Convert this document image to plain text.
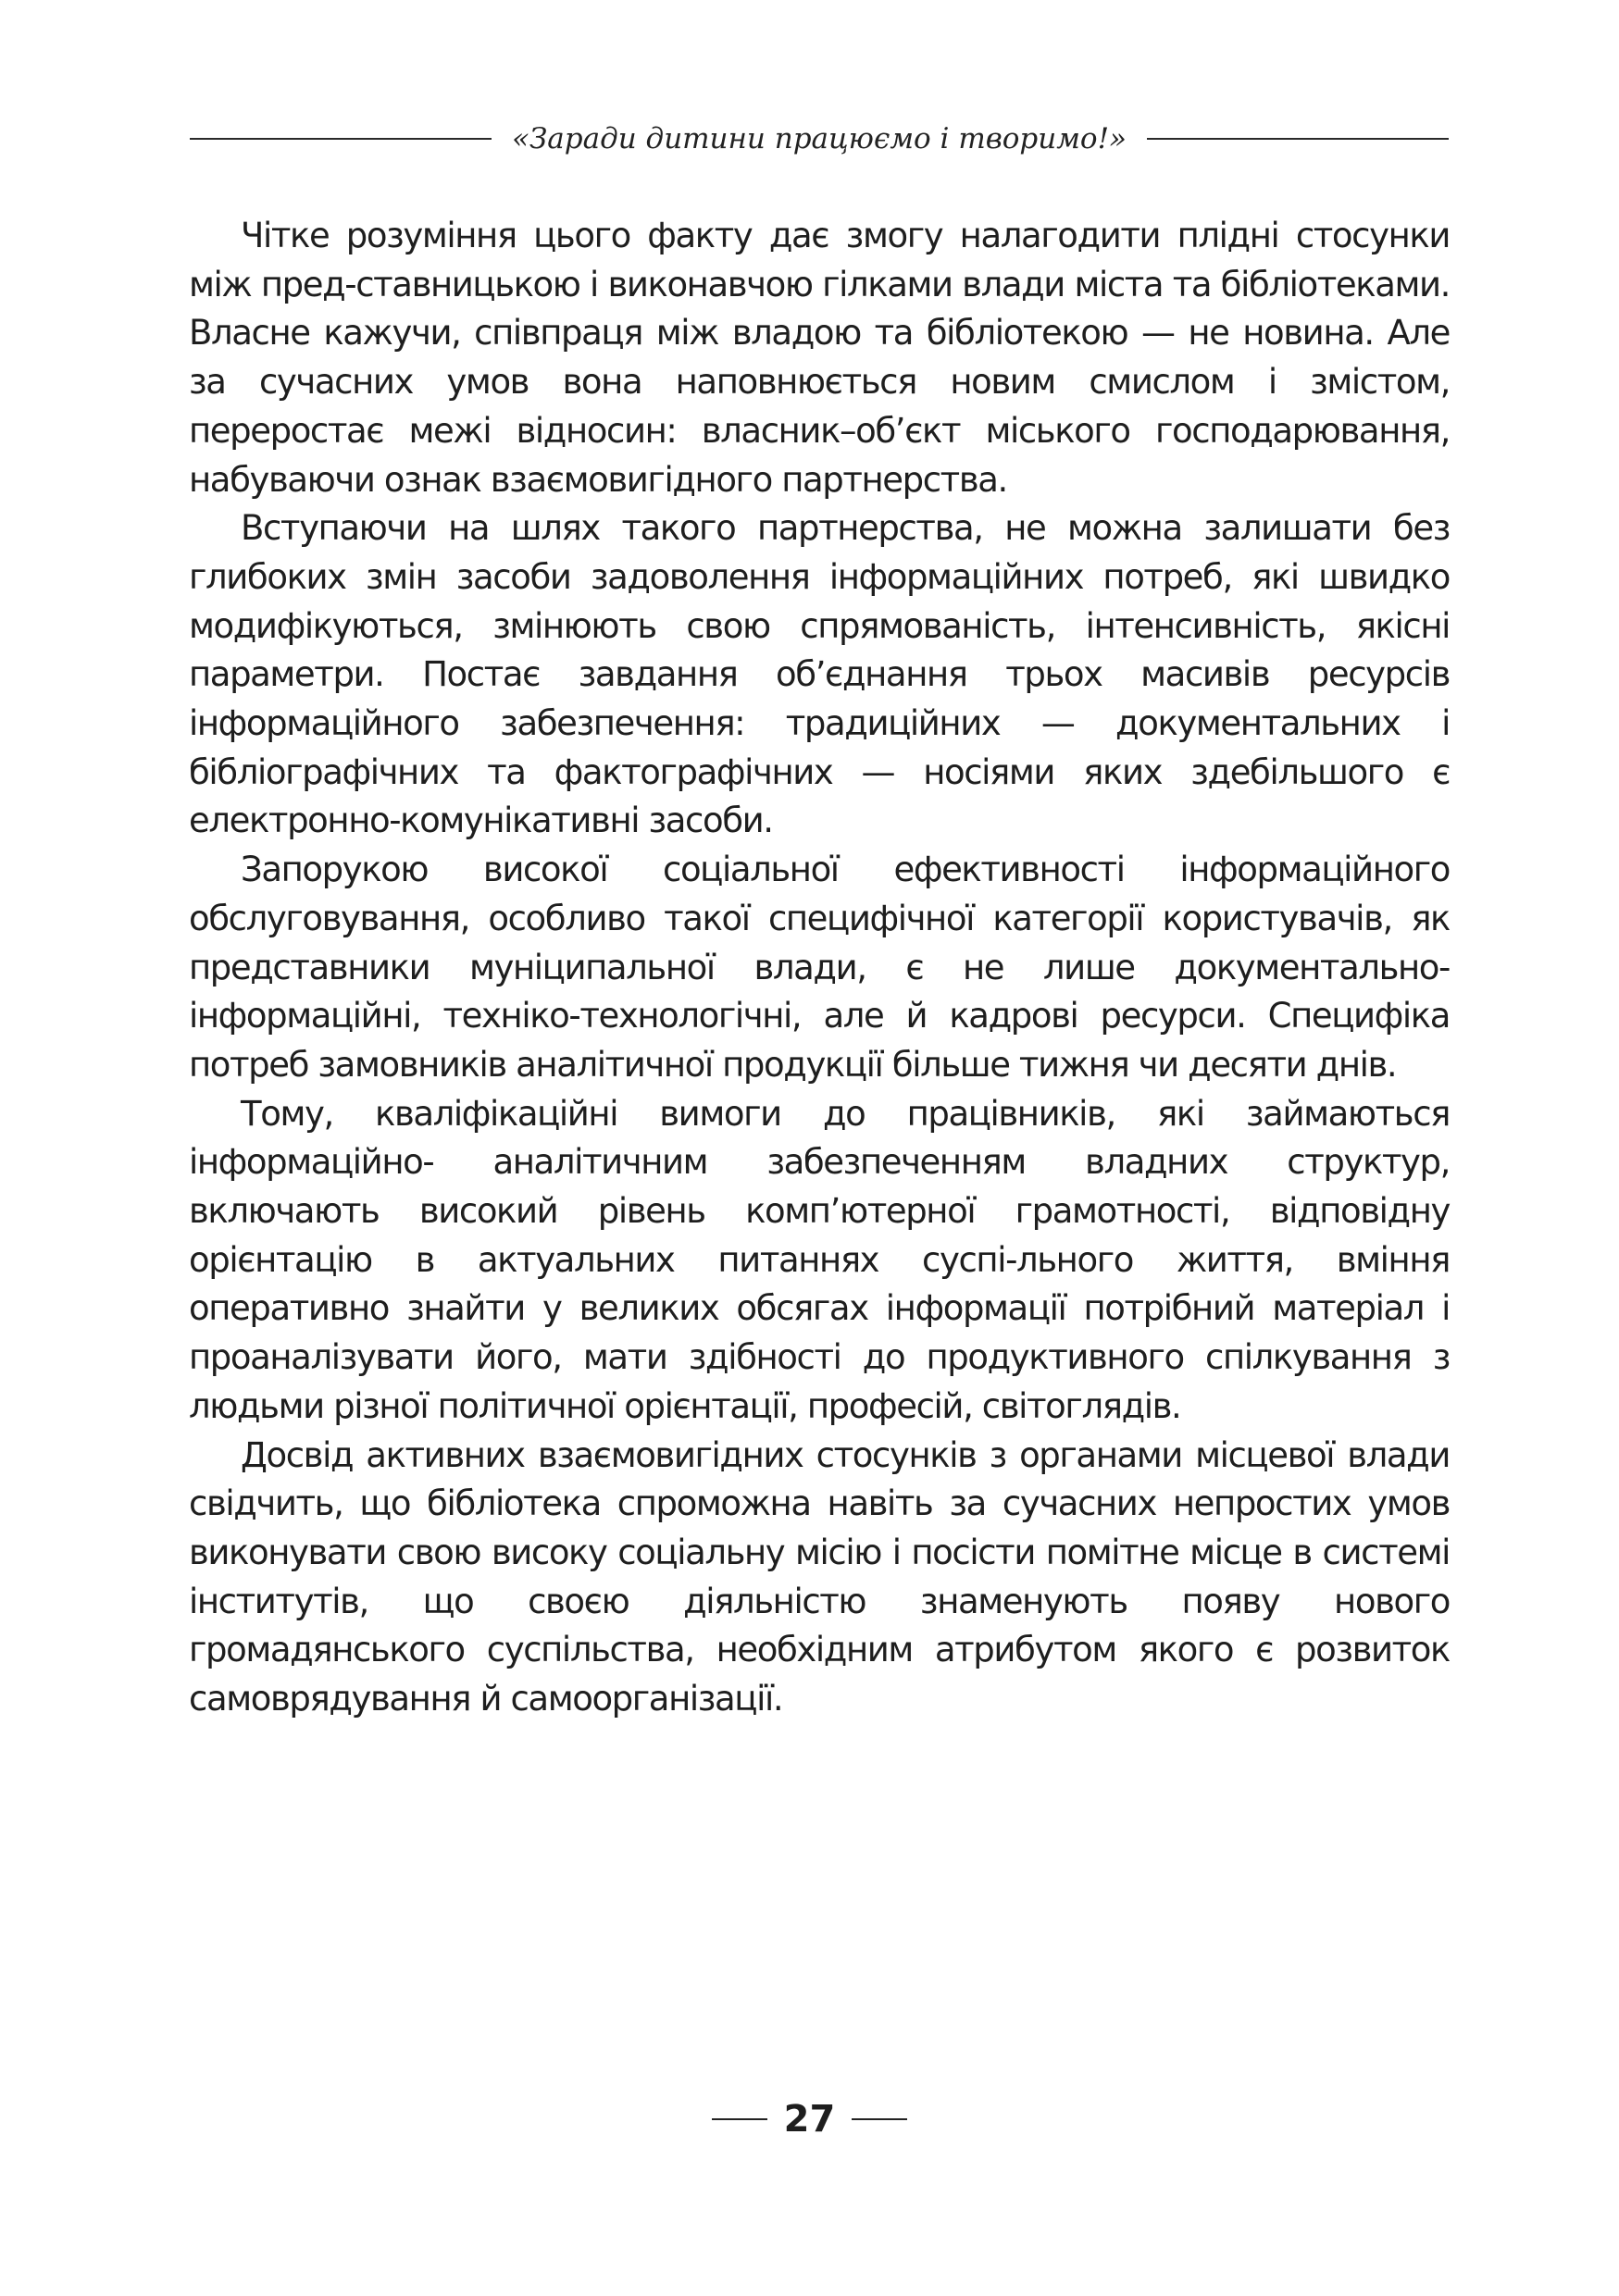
«Заради дитини працюємо і творимо!»

Чітке розуміння цього факту дає змогу налагодити плідні стосунки між пред-ставницькою і виконавчою гілками влади міста та бібліотеками. Власне кажучи, співпраця між владою та бібліотекою — не новина. Але за сучасних умов вона наповнюється новим смислом і змістом, переростає межі відносин: власник–об’єкт міського господарювання, набуваючи ознак взаємовигідного партнерства.

Вступаючи на шлях такого партнерства, не можна залишати без глибоких змін засоби задоволення інформаційних потреб, які швидко модифікуються, змінюють свою спрямованість, інтенсивність, якісні параметри. Постає завдання об’єднання трьох масивів ресурсів інформаційного забезпечення: традиційних — документальних і бібліографічних та фактографічних — носіями яких здебільшого є електронно-комунікативні засоби.

Запорукою високої соціальної ефективності інформаційного обслуговування, особливо такої специфічної категорії користувачів, як представники муніципальної влади, є не лише документально-інформаційні, техніко-технологічні, але й кадрові ресурси. Специфіка потреб замовників аналітичної продукції більше тижня чи десяти днів.

Тому, кваліфікаційні вимоги до працівників, які займаються інформаційно- аналітичним забезпеченням владних структур, включають високий рівень комп’ютерної грамотності, відповідну орієнтацію в актуальних питаннях суспі-льного життя, вміння оперативно знайти у великих обсягах інформації потрібний матеріал і проаналізувати його, мати здібності до продуктивного спілкування з людьми різної політичної орієнтації, професій, світоглядів.

Досвід активних взаємовигідних стосунків з органами місцевої влади свідчить, що бібліотека спроможна навіть за сучасних непростих умов виконувати свою високу соціальну місію і посісти помітне місце в системі інститутів, що своєю діяльністю знаменують появу нового громадянського суспільства, необхідним атрибутом якого є розвиток самоврядування й самоорганізації.

27
